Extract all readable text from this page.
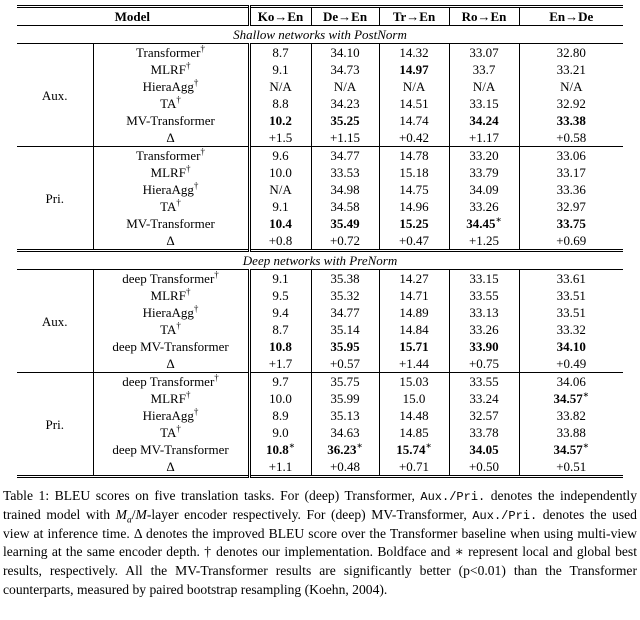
Model		Ko→En	De→En	Tr→En	Ro→En	En→De
Shallow networks with PostNorm						
Aux.	Transformer†	8.7	34.10	14.32	33.07	32.80
	MLRF†	9.1	34.73	14.97	33.7	33.21
	HieraAgg†	N/A	N/A	N/A	N/A	N/A
	TA†	8.8	34.23	14.51	33.15	32.92
	MV-Transformer	10.2	35.25	14.74	34.24	33.38
	Δ	+1.5	+1.15	+0.42	+1.17	+0.58
Pri.	Transformer†	9.6	34.77	14.78	33.20	33.06
	MLRF†	10.0	33.53	15.18	33.79	33.17
	HieraAgg†	N/A	34.98	14.75	34.09	33.36
	TA†	9.1	34.58	14.96	33.26	32.97
	MV-Transformer	10.4	35.49	15.25	34.45∗	33.75
	Δ	+0.8	+0.72	+0.47	+1.25	+0.69
Deep networks with PreNorm						
Aux.	deep Transformer†	9.1	35.38	14.27	33.15	33.61
	MLRF†	9.5	35.32	14.71	33.55	33.51
	HieraAgg†	9.4	34.77	14.89	33.13	33.51
	TA†	8.7	35.14	14.84	33.26	33.32
	deep MV-Transformer	10.8	35.95	15.71	33.90	34.10
	Δ	+1.7	+0.57	+1.44	+0.75	+0.49
Pri.	deep Transformer†	9.7	35.75	15.03	33.55	34.06
	MLRF†	10.0	35.99	15.0	33.24	34.57∗
	HieraAgg†	8.9	35.13	14.48	32.57	33.82
	TA†	9.0	34.63	14.85	33.78	33.88
	deep MV-Transformer	10.8∗	36.23∗	15.74∗	34.05	34.57∗
	Δ	+1.1	+0.48	+0.71	+0.50	+0.51

Table 1: BLEU scores on five translation tasks. For (deep) Transformer, Aux./Pri. denotes the independently trained model with $M_a/M$-layer encoder respectively. For (deep) MV-Transformer, Aux./Pri. denotes the used view at inference time. Δ denotes the improved BLEU score over the Transformer baseline when using multi-view learning at the same encoder depth. † denotes our implementation. Boldface and ∗ represent local and global best results, respectively. All the MV-Transformer results are significantly better (p<0.01) than the Transformer counterparts, measured by paired bootstrap resampling (Koehn, 2004).
